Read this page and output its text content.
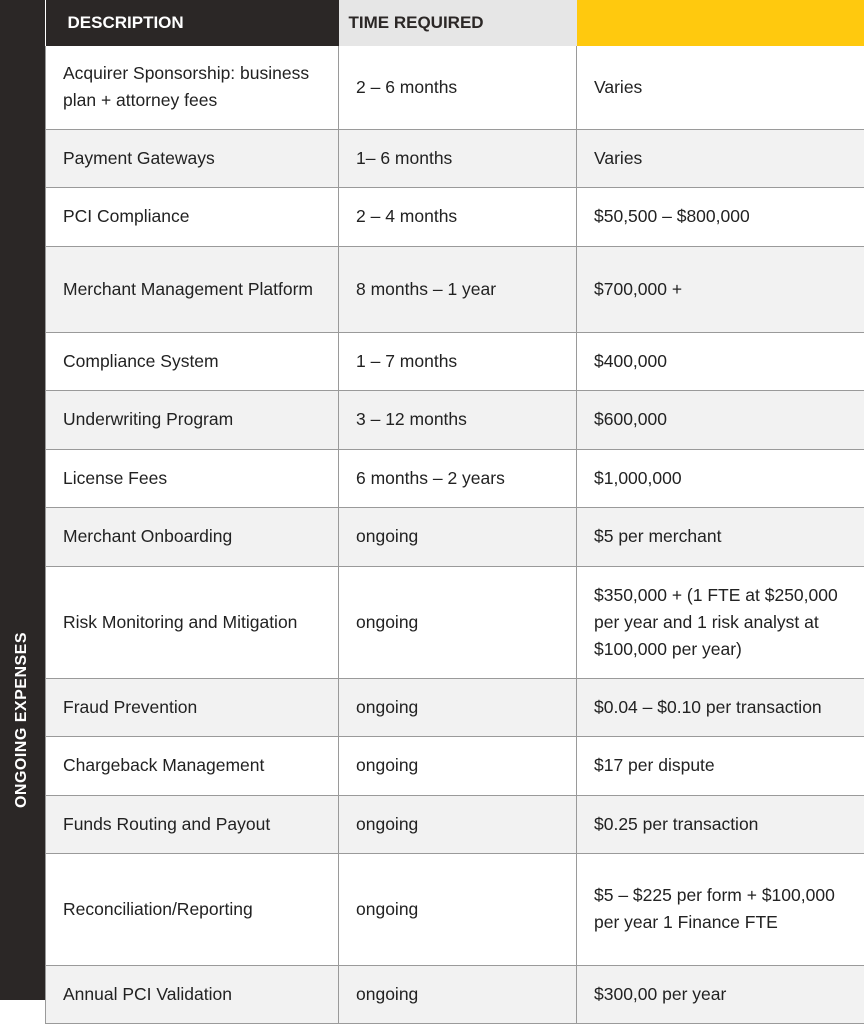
ONGOING EXPENSES
DESCRIPTION	TIME REQUIRED	
Acquirer Sponsorship: business plan + attorney fees	2 – 6 months	Varies
Payment Gateways	1– 6 months	Varies
PCI Compliance	2 – 4 months	$50,500 – $800,000
Merchant Management Platform	8 months – 1 year	$700,000 +
Compliance System	1 – 7 months	$400,000
Underwriting Program	3 – 12 months	$600,000
License Fees	6 months – 2 years	$1,000,000
Merchant Onboarding	ongoing	$5 per merchant
Risk Monitoring and Mitigation	ongoing	$350,000 + (1 FTE at $250,000 per year and 1 risk analyst at $100,000 per year)
Fraud Prevention	ongoing	$0.04 – $0.10 per transaction
Chargeback Management	ongoing	$17 per dispute
Funds Routing and Payout	ongoing	$0.25 per transaction
Reconciliation/Reporting	ongoing	$5 – $225 per form + $100,000 per year 1 Finance FTE
Annual PCI Validation	ongoing	$300,00 per year
